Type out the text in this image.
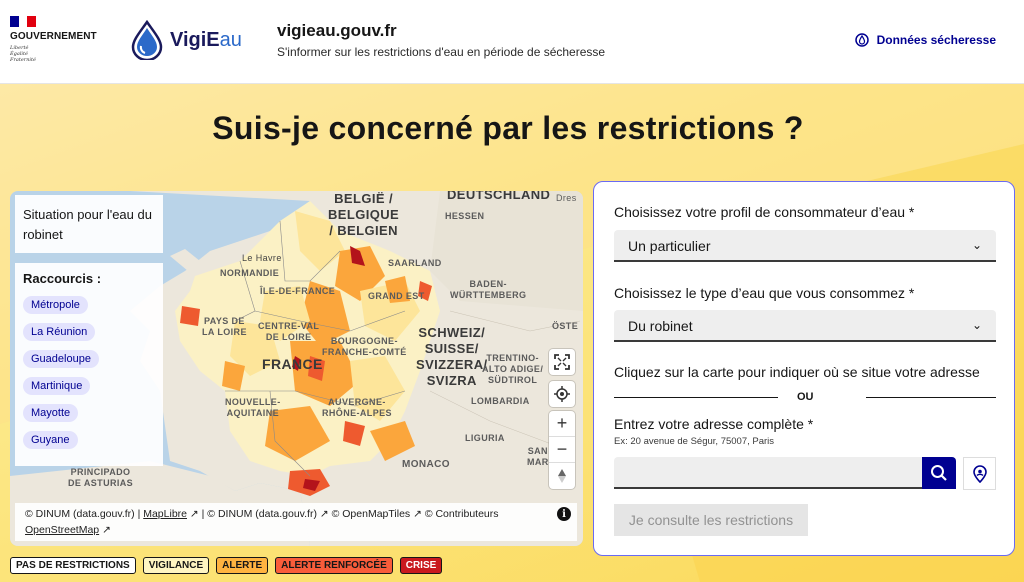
GOUVERNEMENT
Liberté
Égalité
Fraternité
VigiEau vigieau.gouv.fr
S'informer sur les restrictions d'eau en période de sécheresse
Données sécheresse
Suis-je concerné par les restrictions ?
DEUTSCHLAND
BELGIË /
BELGIQUE
/ BELGIEN
HESSEN
SAARLAND
NORMANDIE
Le Havre
ÎLE-DE-FRANCE	GRAND EST
BADEN-
WÜRTTEMBERG
PAYS DE
LA LOIRE
CENTRE-VAL
DE LOIRE	BOURGOGNE-
FRANCHE-COMTÉ
FRANCE
SCHWEIZ/
SUISSE/
SVIZZERA/
SVIZRA
NOUVELLE-
AQUITAINE
AUVERGNE-
RHÔNE-ALPES
TRENTINO-
ALTO ADIGE/
SÜDTIROL
LOMBARDIA
LIGURIA
MONACO
PRINCIPADO
DE ASTURIAS
Dres
ÖSTE
SAN
MAR
Situation pour l'eau du robinet
Raccourcis :
Métropole
La Réunion
Guadeloupe
Martinique
Mayotte
Guyane
+
−
© DINUM (data.gouv.fr) | MapLibre ↗ | © DINUM (data.gouv.fr) ↗ © OpenMapTiles ↗ © Contributeurs
OpenStreetMap ↗
i
PAS DE RESTRICTIONS	VIGILANCE	ALERTE	ALERTE RENFORCÉE	CRISE
Choisissez votre profil de consommateur d’eau *
Un particulier	⌄
Choisissez le type d’eau que vous consommez *
Du robinet	⌄
Cliquez sur la carte pour indiquer où se situe votre adresse
OU
Entrez votre adresse complète *
Ex: 20 avenue de Ségur, 75007, Paris
Je consulte les restrictions
